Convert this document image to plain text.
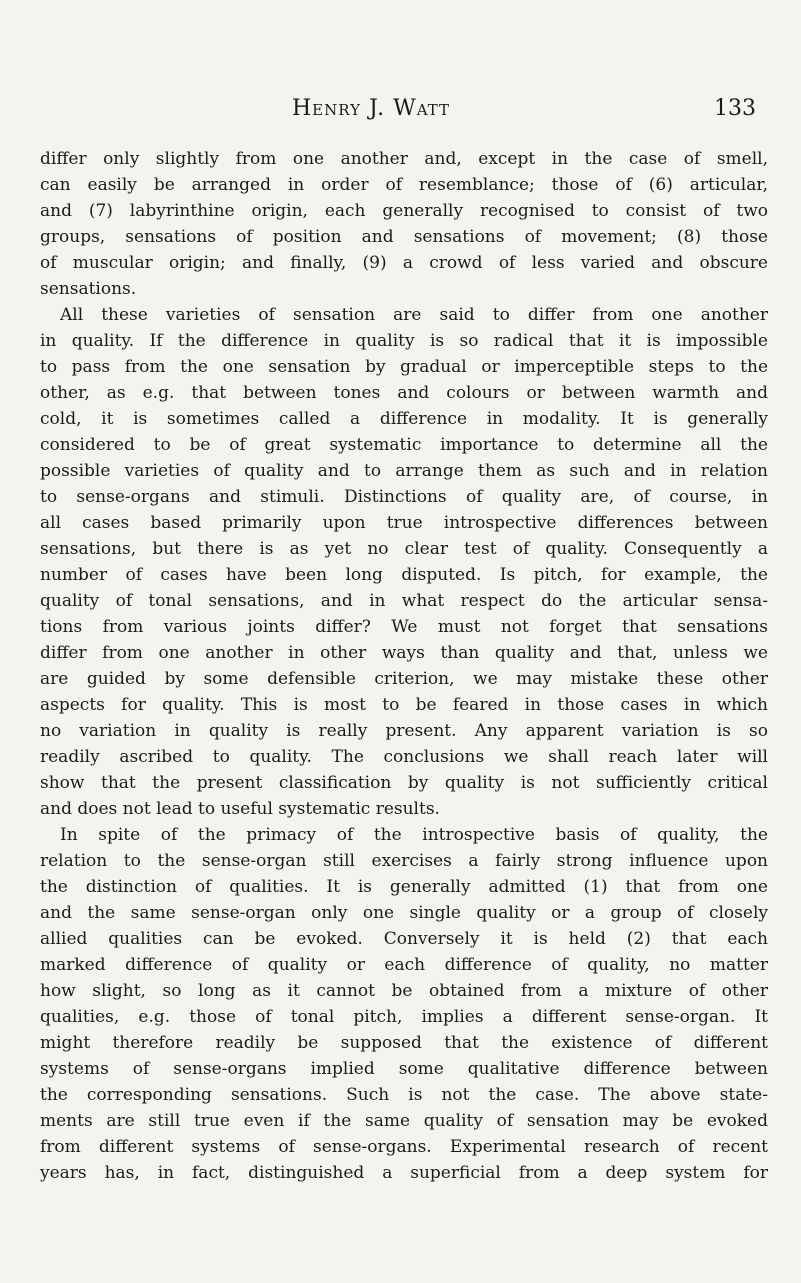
Henry J. Watt	133
differ only slightly from one another and, except in the case of smell,
can easily be arranged in order of resemblance; those of (6) articular,
and (7) labyrinthine origin, each generally recognised to consist of two
groups, sensations of position and sensations of movement; (8) those
of muscular origin; and finally, (9) a crowd of less varied and obscure
sensations.
All these varieties of sensation are said to differ from one another
in quality. If the difference in quality is so radical that it is impossible
to pass from the one sensation by gradual or imperceptible steps to the
other, as e.g. that between tones and colours or between warmth and
cold, it is sometimes called a difference in modality. It is generally
considered to be of great systematic importance to determine all the
possible varieties of quality and to arrange them as such and in relation
to sense-organs and stimuli. Distinctions of quality are, of course, in
all cases based primarily upon true introspective differences between
sensations, but there is as yet no clear test of quality. Consequently a
number of cases have been long disputed. Is pitch, for example, the
quality of tonal sensations, and in what respect do the articular sensa-
tions from various joints differ? We must not forget that sensations
differ from one another in other ways than quality and that, unless we
are guided by some defensible criterion, we may mistake these other
aspects for quality. This is most to be feared in those cases in which
no variation in quality is really present. Any apparent variation is so
readily ascribed to quality. The conclusions we shall reach later will
show that the present classification by quality is not sufficiently critical
and does not lead to useful systematic results.
In spite of the primacy of the introspective basis of quality, the
relation to the sense-organ still exercises a fairly strong influence upon
the distinction of qualities. It is generally admitted (1) that from one
and the same sense-organ only one single quality or a group of closely
allied qualities can be evoked. Conversely it is held (2) that each
marked difference of quality or each difference of quality, no matter
how slight, so long as it cannot be obtained from a mixture of other
qualities, e.g. those of tonal pitch, implies a different sense-organ. It
might therefore readily be supposed that the existence of different
systems of sense-organs implied some qualitative difference between
the corresponding sensations. Such is not the case. The above state-
ments are still true even if the same quality of sensation may be evoked
from different systems of sense-organs. Experimental research of recent
years has, in fact, distinguished a superficial from a deep system for
